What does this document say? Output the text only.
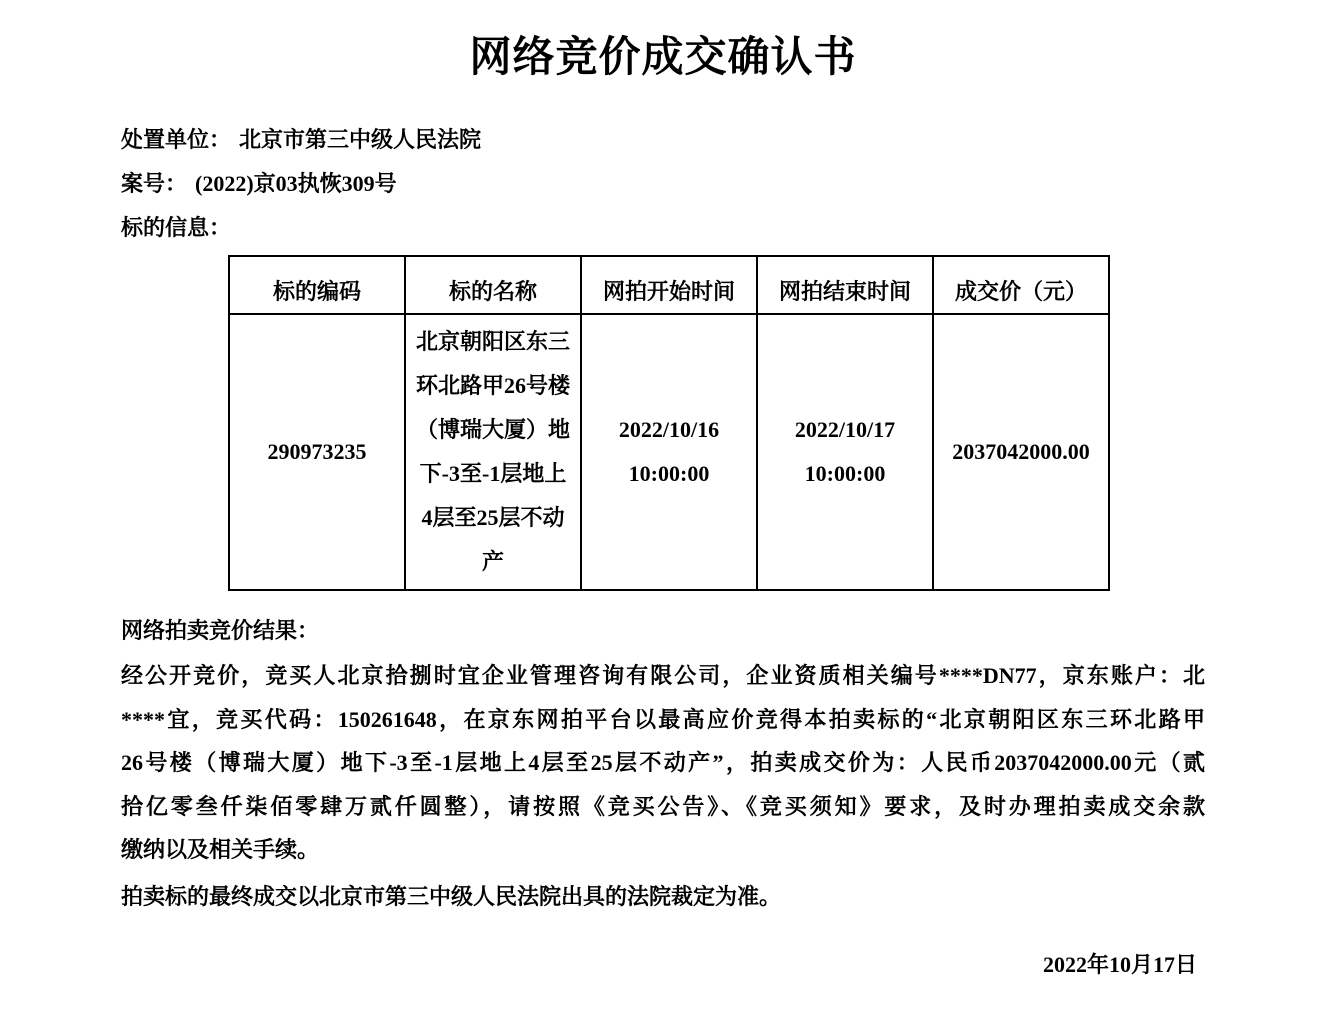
网络竞价成交确认书
处置单位： 北京市第三中级人民法院
案号： (2022)京03执恢309号
标的信息：
标的编码	标的名称	网拍开始时间	网拍结束时间	成交价（元）

290973235

北京朝阳区东三
环北路甲26号楼
（博瑞大厦）地
下-3至-1层地上
4层至25层不动
产

2022/10/16
10:00:00

2022/10/17
10:00:00

2037042000.00
网络拍卖竞价结果：
经公开竞价，竞买人北京拾捌时宜企业管理咨询有限公司，企业资质相关编号****DN77，京东账户：北
****宜，竞买代码：150261648，在京东网拍平台以最高应价竞得本拍卖标的“北京朝阳区东三环北路甲
26号楼（博瑞大厦）地下-3至-1层地上4层至25层不动产”，拍卖成交价为：人民币2037042000.00元（贰
拾亿零叁仟柒佰零肆万贰仟圆整），请按照《竞买公告》、《竞买须知》要求，及时办理拍卖成交余款
缴纳以及相关手续。
拍卖标的最终成交以北京市第三中级人民法院出具的法院裁定为准。
2022年10月17日
